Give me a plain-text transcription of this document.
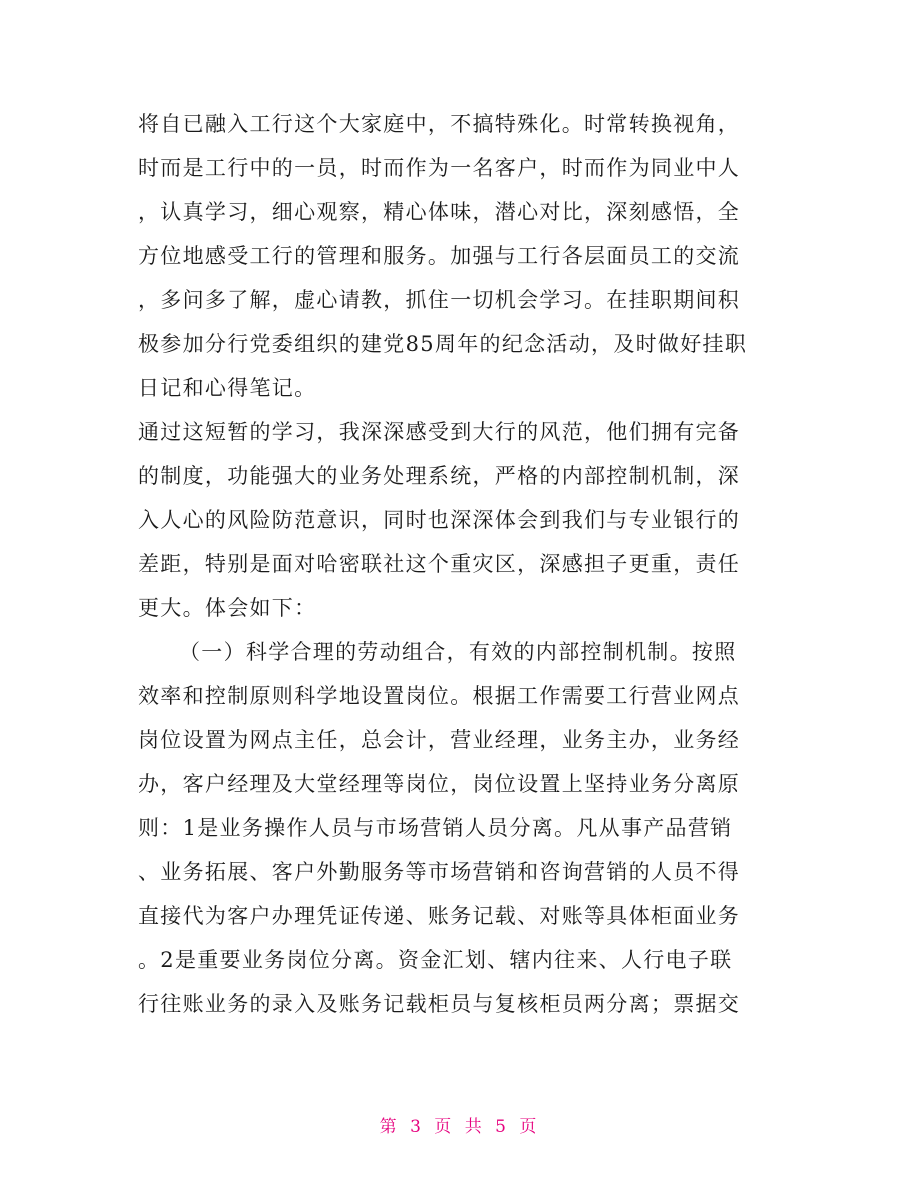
将自已融入工行这个大家庭中，不搞特殊化。时常转换视角，
时而是工行中的一员，时而作为一名客户，时而作为同业中人
，认真学习，细心观察，精心体味，潜心对比，深刻感悟，全
方位地感受工行的管理和服务。加强与工行各层面员工的交流
，多问多了解，虚心请教，抓住一切机会学习。在挂职期间积
极参加分行党委组织的建党85周年的纪念活动，及时做好挂职
日记和心得笔记。
通过这短暂的学习，我深深感受到大行的风范，他们拥有完备
的制度，功能强大的业务处理系统，严格的内部控制机制，深
入人心的风险防范意识，同时也深深体会到我们与专业银行的
差距，特别是面对哈密联社这个重灾区，深感担子更重，责任
更大。体会如下：
（一）科学合理的劳动组合，有效的内部控制机制。按照
效率和控制原则科学地设置岗位。根据工作需要工行营业网点
岗位设置为网点主任，总会计，营业经理，业务主办，业务经
办，客户经理及大堂经理等岗位，岗位设置上坚持业务分离原
则：1是业务操作人员与市场营销人员分离。凡从事产品营销
、业务拓展、客户外勤服务等市场营销和咨询营销的人员不得
直接代为客户办理凭证传递、账务记载、对账等具体柜面业务
。2是重要业务岗位分离。资金汇划、辖内往来、人行电子联
行往账业务的录入及账务记载柜员与复核柜员两分离；票据交
第 3 页 共 5 页
